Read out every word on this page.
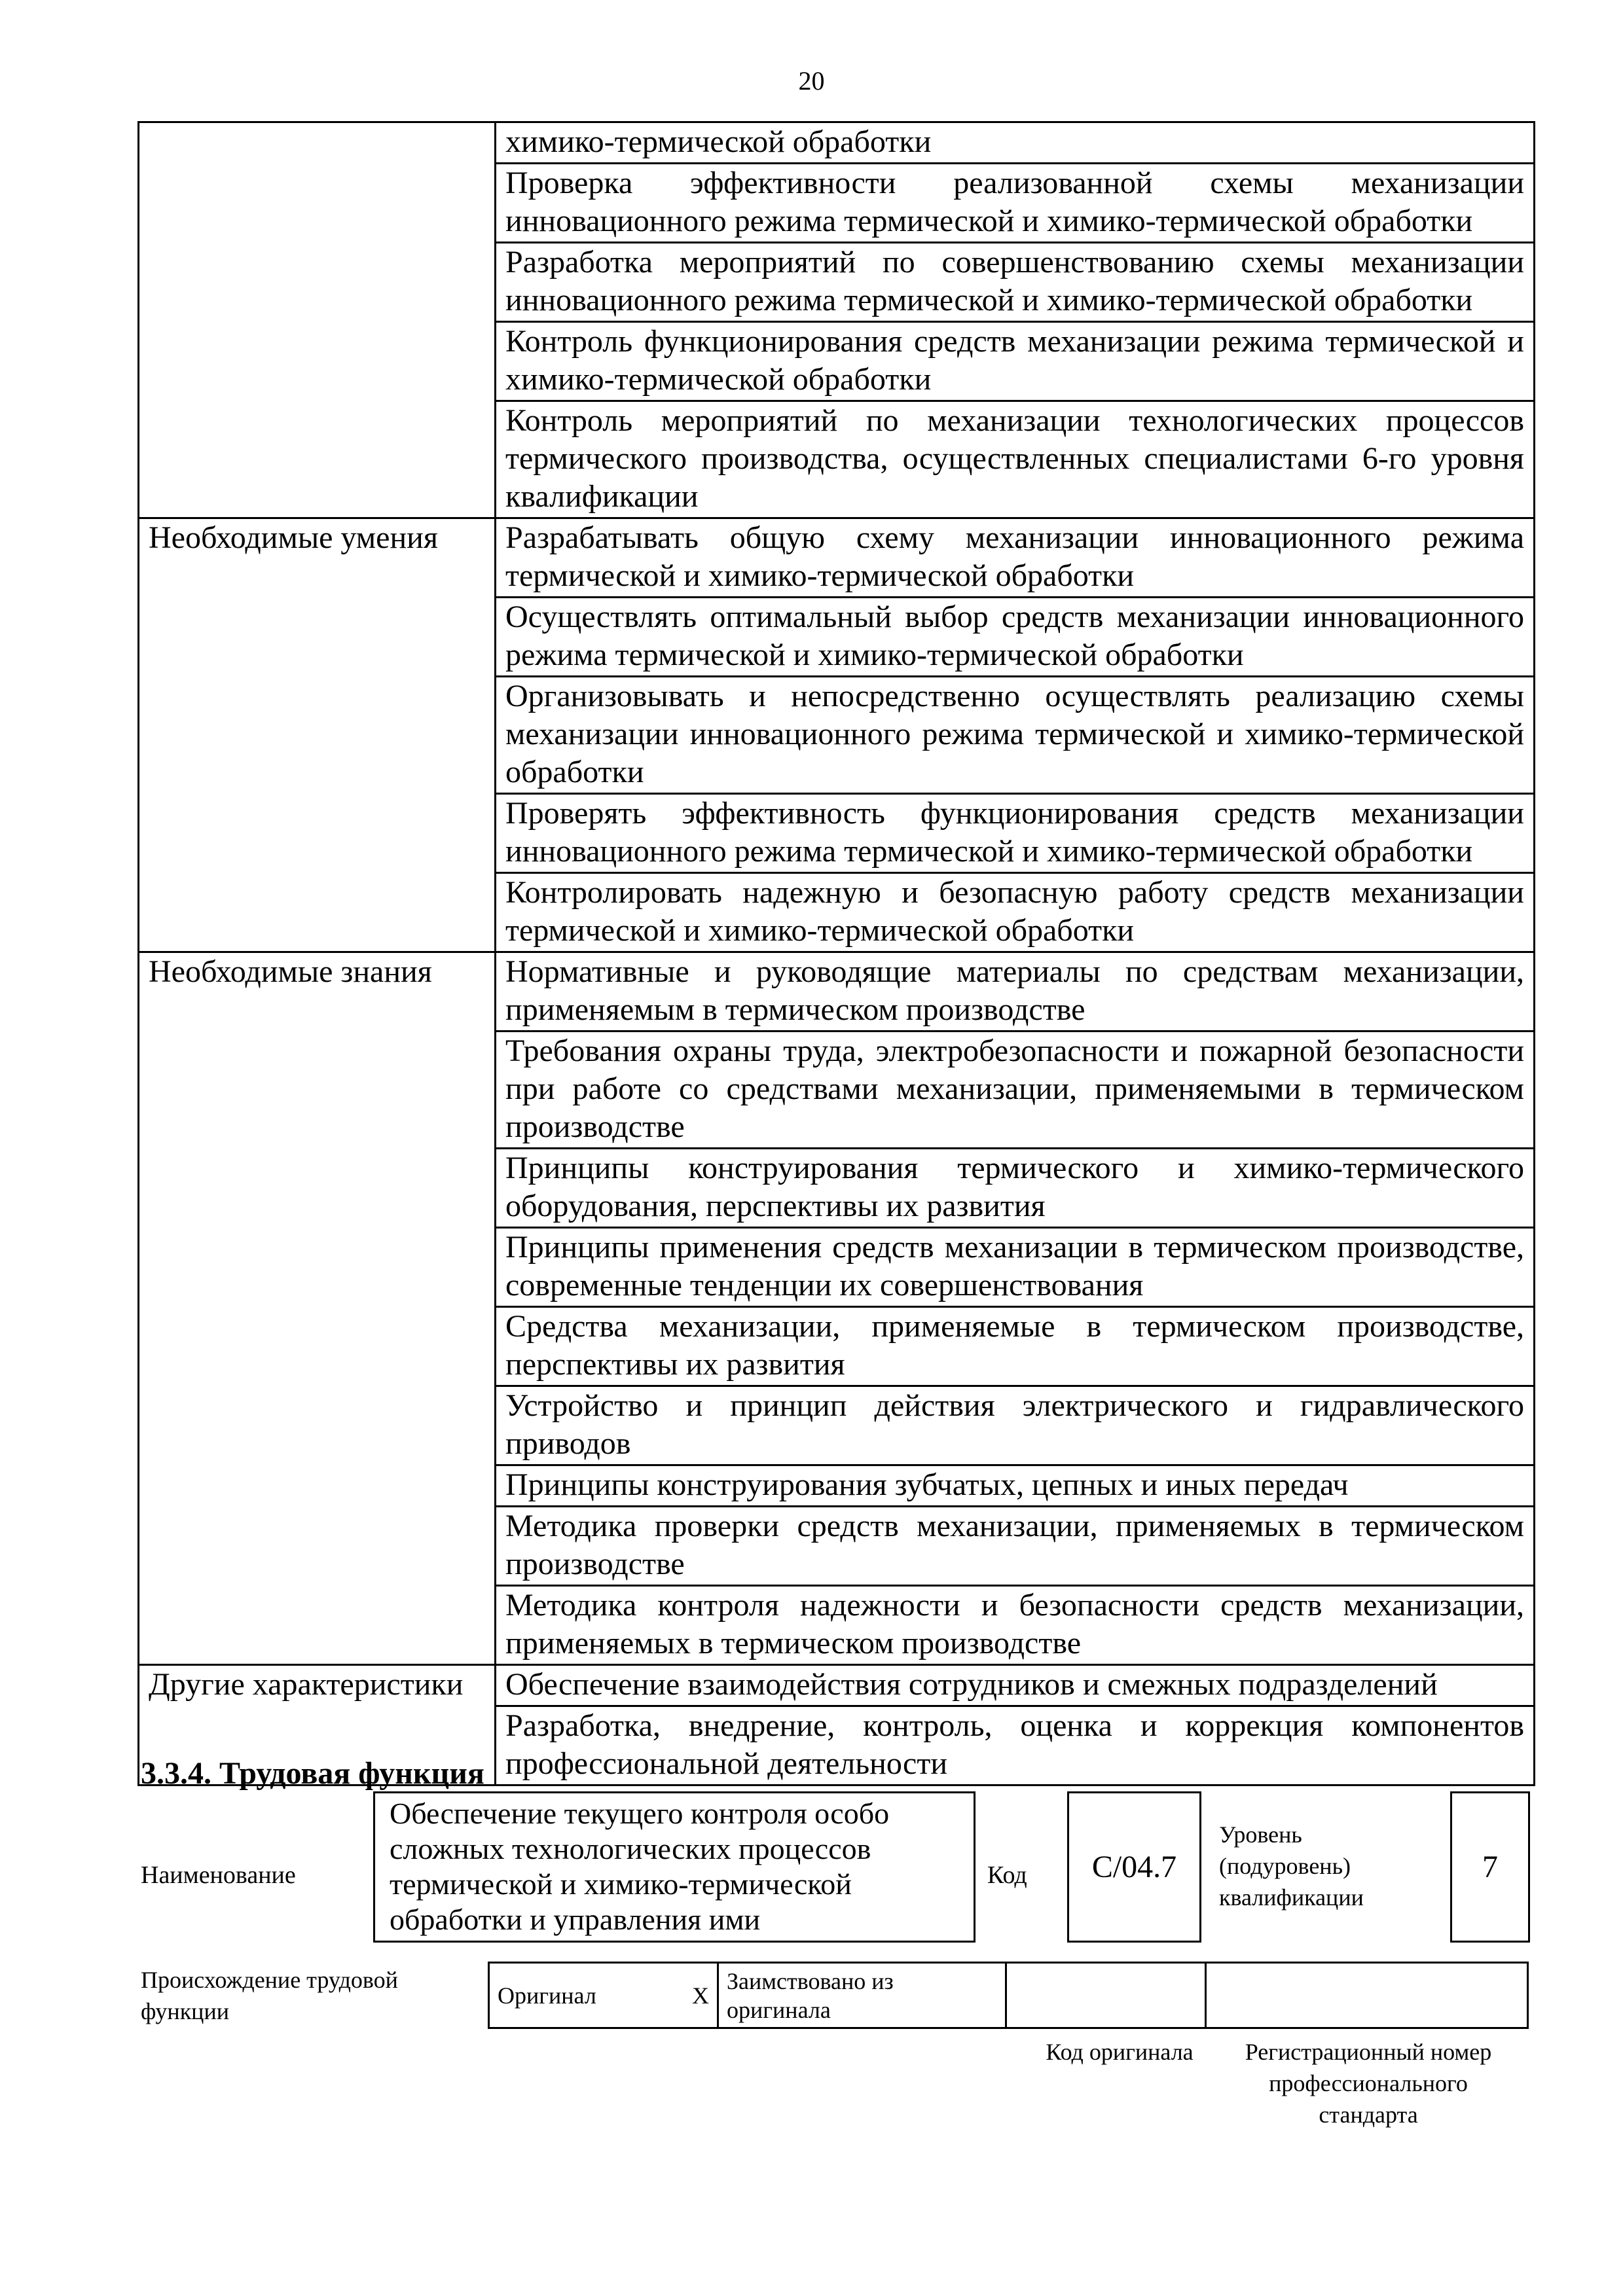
20
	химико-термической обработки
	Проверка эффективности реализованной схемы механизации инновационного режима термической и химико-термической обработки
	Разработка мероприятий по совершенствованию схемы механизации инновационного режима термической и химико-термической обработки
	Контроль функционирования средств механизации режима термической и химико-термической обработки
	Контроль мероприятий по механизации технологических процессов термического производства, осуществленных специалистами 6-го уровня квалификации
Необходимые умения	Разрабатывать общую схему механизации инновационного режима термической и химико-термической обработки
	Осуществлять оптимальный выбор средств механизации инновационного режима термической и химико-термической обработки
	Организовывать и непосредственно осуществлять реализацию схемы механизации инновационного режима термической и химико-термической обработки
	Проверять эффективность функционирования средств механизации инновационного режима термической и химико-термической обработки
	Контролировать надежную и безопасную работу средств механизации термической и химико-термической обработки
Необходимые знания	Нормативные и руководящие материалы по средствам механизации, применяемым в термическом производстве
	Требования охраны труда, электробезопасности и пожарной безопасности при работе со средствами механизации, применяемыми в термическом производстве
	Принципы конструирования термического и химико-термического оборудования, перспективы их развития
	Принципы применения средств механизации в термическом производстве, современные тенденции их совершенствования
	Средства механизации, применяемые в термическом производстве, перспективы их развития
	Устройство и принцип действия электрического и гидравлического приводов
	Принципы конструирования зубчатых, цепных и иных передач
	Методика проверки средств механизации, применяемых в термическом производстве
	Методика контроля надежности и безопасности средств механизации, применяемых в термическом производстве
Другие характеристики	Обеспечение взаимодействия сотрудников и смежных подразделений
	Разработка, внедрение, контроль, оценка и коррекция компонентов профессиональной деятельности
3.3.4. Трудовая функция
Наименование
Обеспечение текущего контроля особо сложных технологических процессов термической и химико-термической обработки и управления ими
Код	C/04.7
Уровень
(подуровень)
квалификации
7
Происхождение трудовой
функции
Оригинал	X	
Заимствовано из
оригинала

Код оригинала	Регистрационный номер
профессионального
стандарта
